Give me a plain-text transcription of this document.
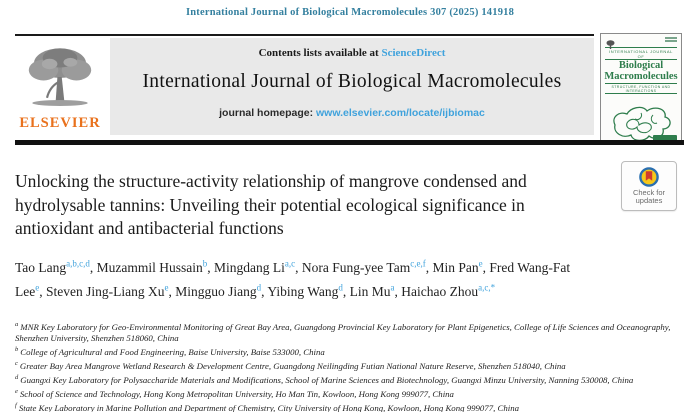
International Journal of Biological Macromolecules 307 (2025) 141918
ELSEVIER
Contents lists available at ScienceDirect
International Journal of Biological Macromolecules
journal homepage: www.elsevier.com/locate/ijbiomac
INTERNATIONAL JOURNAL OF
Biological
Macromolecules
STRUCTURE, FUNCTION AND INTERACTIONS
Unlocking the structure-activity relationship of mangrove condensed and hydrolysable tannins: Unveiling their potential ecological significance in antioxidant and antibacterial functions
Check for
updates

Tao Lang$^{a,b,c,d}$, Muzammil Hussain$^b$, Mingdang Li$^{a,c}$, Nora Fung-yee Tam$^{c,e,f}$, Min Pan$^e$, Fred Wang-Fat Lee$^e$, Steven Jing-Liang Xu$^e$, Mingguo Jiang$^d$, Yibing Wang$^d$, Lin Mu$^a$, Haichao Zhou$^{a,c,*}$

$^a$ MNR Key Laboratory for Geo-Environmental Monitoring of Great Bay Area, Guangdong Provincial Key Laboratory for Plant Epigenetics, College of Life Sciences and Oceanography, Shenzhen University, Shenzhen 518060, China
$^b$ College of Agricultural and Food Engineering, Baise University, Baise 533000, China
$^c$ Greater Bay Area Mangrove Wetland Research & Development Centre, Guangdong Neilingding Futian National Nature Reserve, Shenzhen 518040, China
$^d$ Guangxi Key Laboratory for Polysaccharide Materials and Modifications, School of Marine Sciences and Biotechnology, Guangxi Minzu University, Nanning 530008, China
$^e$ School of Science and Technology, Hong Kong Metropolitan University, Ho Man Tin, Kowloon, Hong Kong 999077, China
$^f$ State Key Laboratory in Marine Pollution and Department of Chemistry, City University of Hong Kong, Kowloon, Hong Kong 999077, China
